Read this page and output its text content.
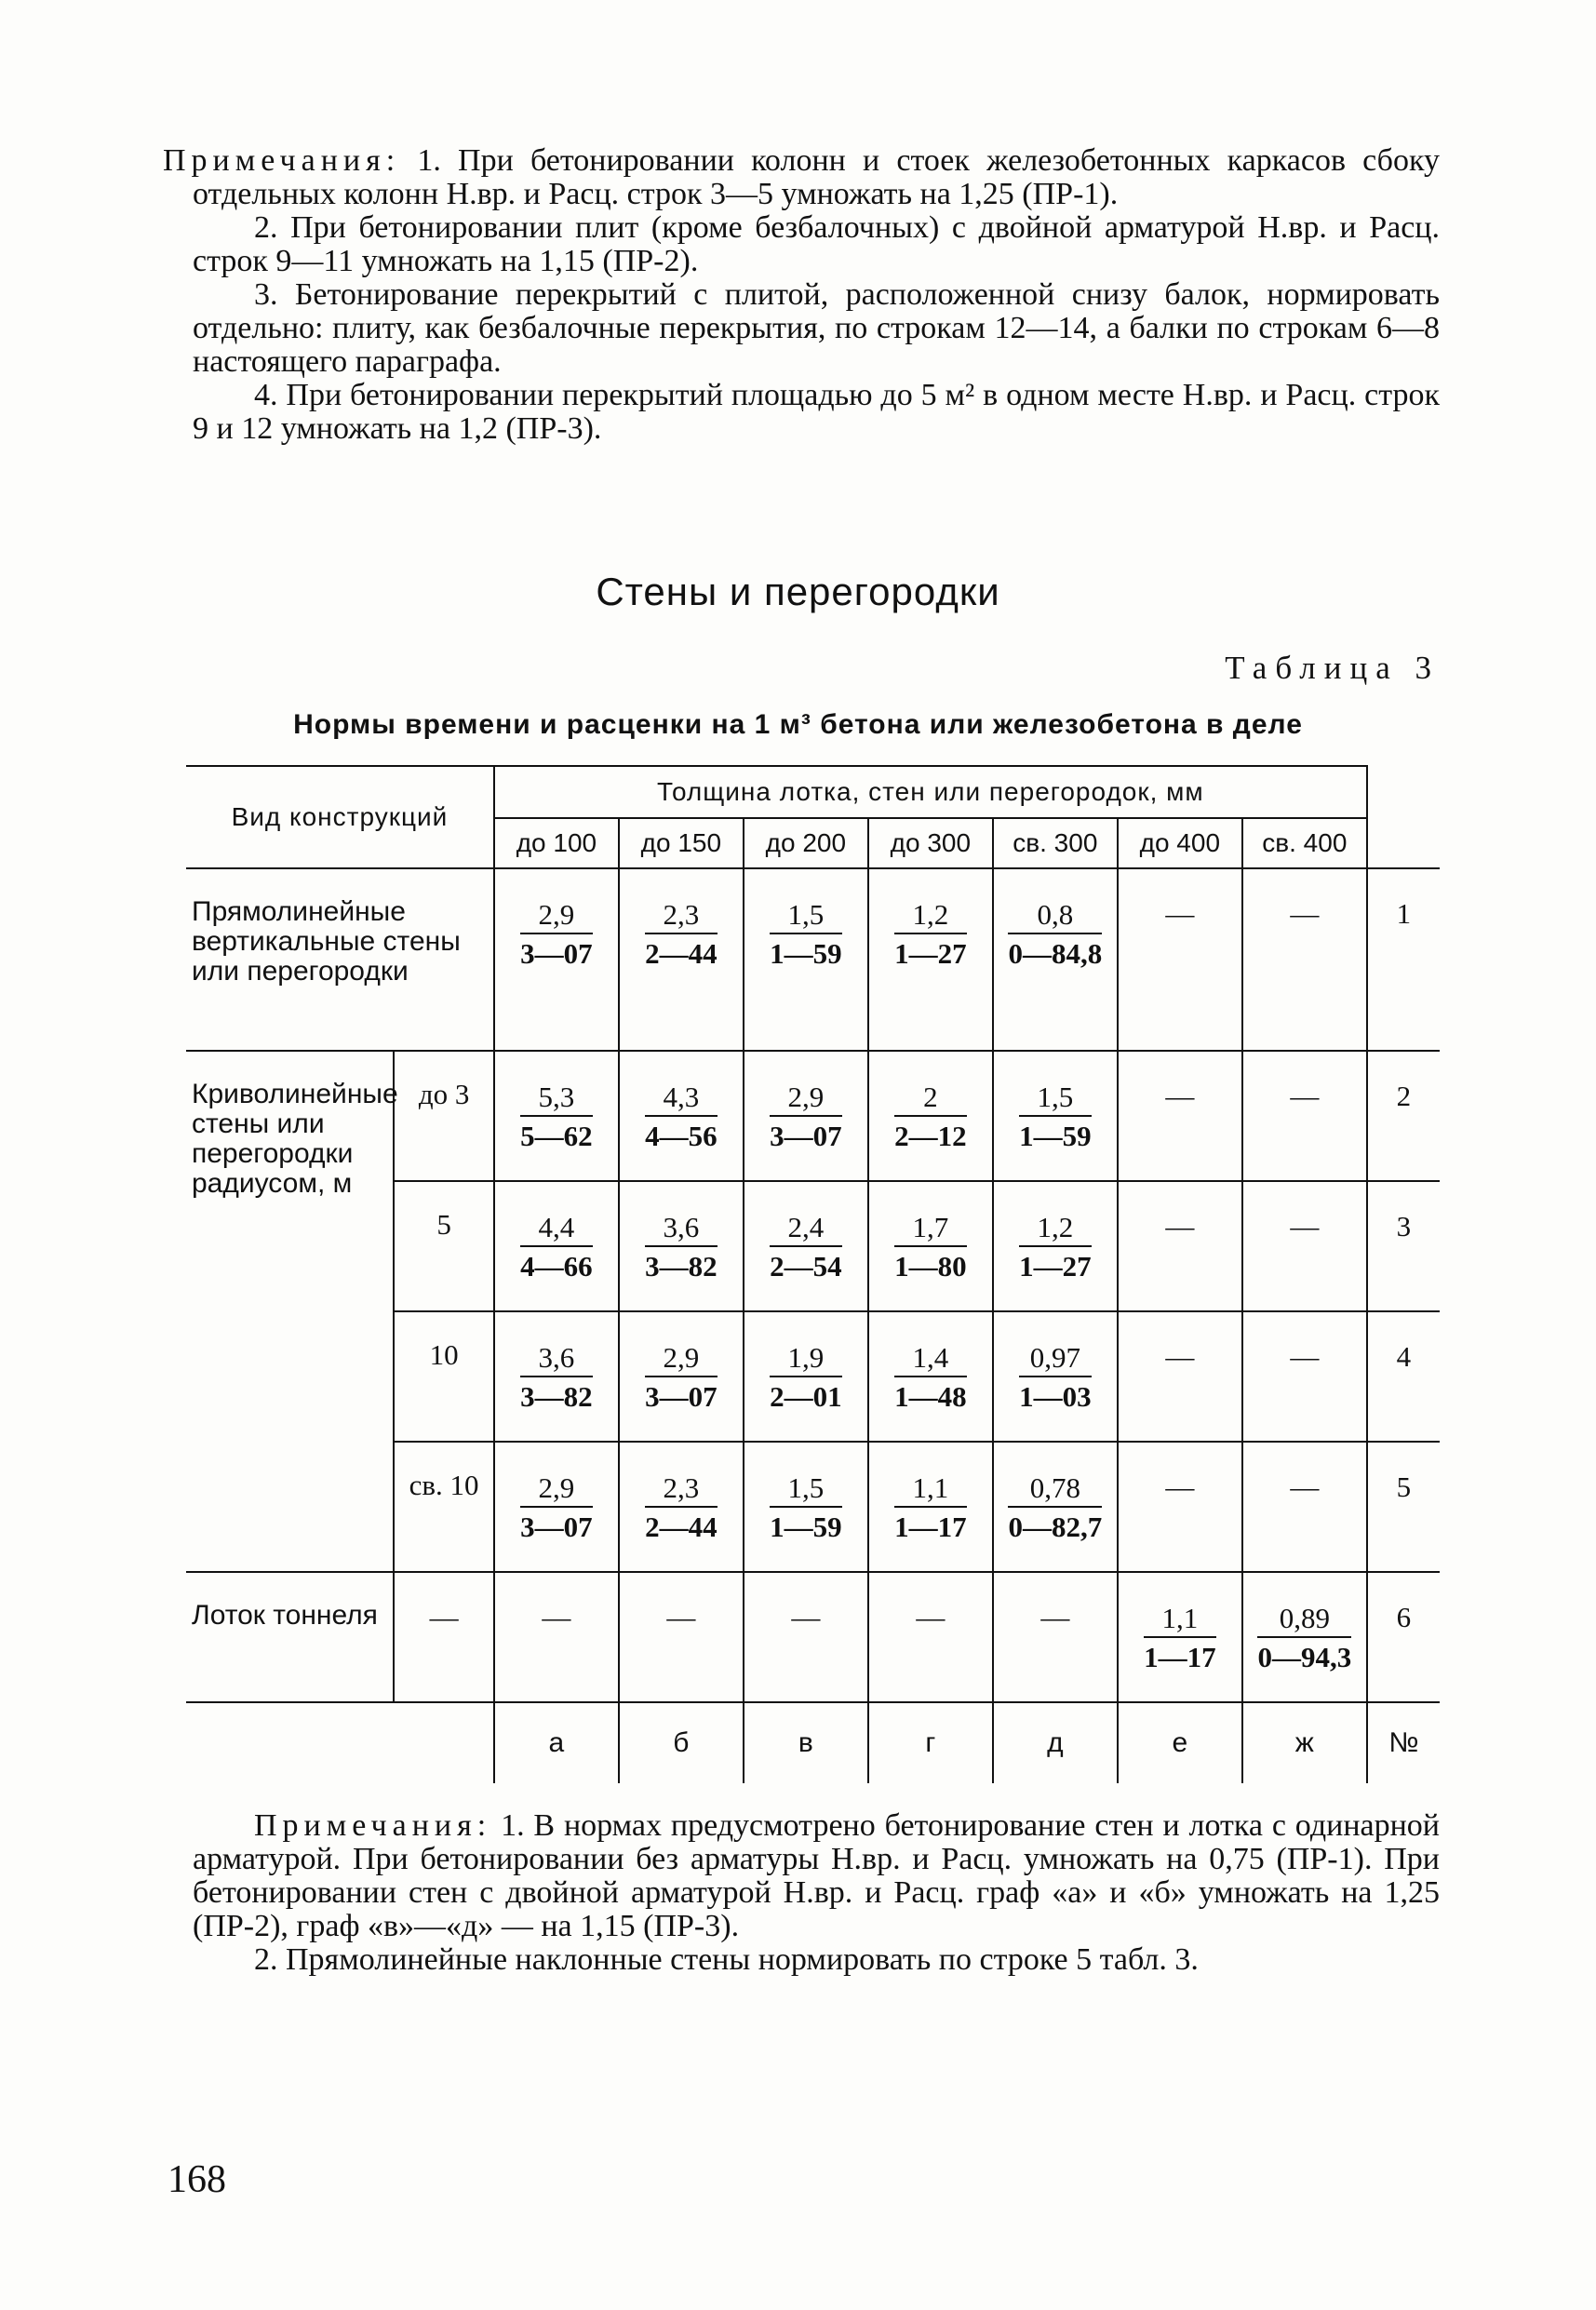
Примечания: 1. При бетонировании колонн и стоек железобетонных каркасов сбоку отдельных колонн Н.вр. и Расц. строк 3—5 умножать на 1,25 (ПР-1).

2. При бетонировании плит (кроме безбалочных) с двойной арматурой Н.вр. и Расц. строк 9—11 умножать на 1,15 (ПР-2).

3. Бетонирование перекрытий с плитой, расположенной снизу балок, нормировать отдельно: плиту, как безбалочные перекрытия, по строкам 12—14, а балки по строкам 6—8 настоящего параграфа.

4. При бетонировании перекрытий площадью до 5 м² в одном месте Н.вр. и Расц. строк 9 и 12 умножать на 1,2 (ПР-3).

Стены и перегородки
Таблица 3
Нормы времени и расценки на 1 м³ бетона или железобетона в деле
Вид конструкций		Толщина лотка, стен или перегородок, мм							
		до 100	до 150	до 200	до 300	св. 300	до 400	св. 400	
Прямолинейные вертикальные стены или перегородки		$\frac{2,9}{3—07}$	$\frac{2,3}{2—44}$	$\frac{1,5}{1—59}$	$\frac{1,2}{1—27}$	$\frac{0,8}{0—84,8}$	—	—	1
Криволинейные стены или перегородки радиусом, м	до 3	$\frac{5,3}{5—62}$	$\frac{4,3}{4—56}$	$\frac{2,9}{3—07}$	$\frac{2}{2—12}$	$\frac{1,5}{1—59}$	—	—	2
	5	$\frac{4,4}{4—66}$	$\frac{3,6}{3—82}$	$\frac{2,4}{2—54}$	$\frac{1,7}{1—80}$	$\frac{1,2}{1—27}$	—	—	3
	10	$\frac{3,6}{3—82}$	$\frac{2,9}{3—07}$	$\frac{1,9}{2—01}$	$\frac{1,4}{1—48}$	$\frac{0,97}{1—03}$	—	—	4
	св. 10	$\frac{2,9}{3—07}$	$\frac{2,3}{2—44}$	$\frac{1,5}{1—59}$	$\frac{1,1}{1—17}$	$\frac{0,78}{0—82,7}$	—	—	5
Лоток тоннеля	—	—	—	—	—	—	$\frac{1,1}{1—17}$	$\frac{0,89}{0—94,3}$	6
		а	б	в	г	д	е	ж	№

Примечания: 1. В нормах предусмотрено бетонирование стен и лотка с одинарной арматурой. При бетонировании без арматуры Н.вр. и Расц. умножать на 0,75 (ПР-1). При бетонировании стен с двойной арматурой Н.вр. и Расц. граф «а» и «б» умножать на 1,25 (ПР-2), граф «в»—«д» — на 1,15 (ПР-3).

2. Прямолинейные наклонные стены нормировать по строке 5 табл. 3.

168
